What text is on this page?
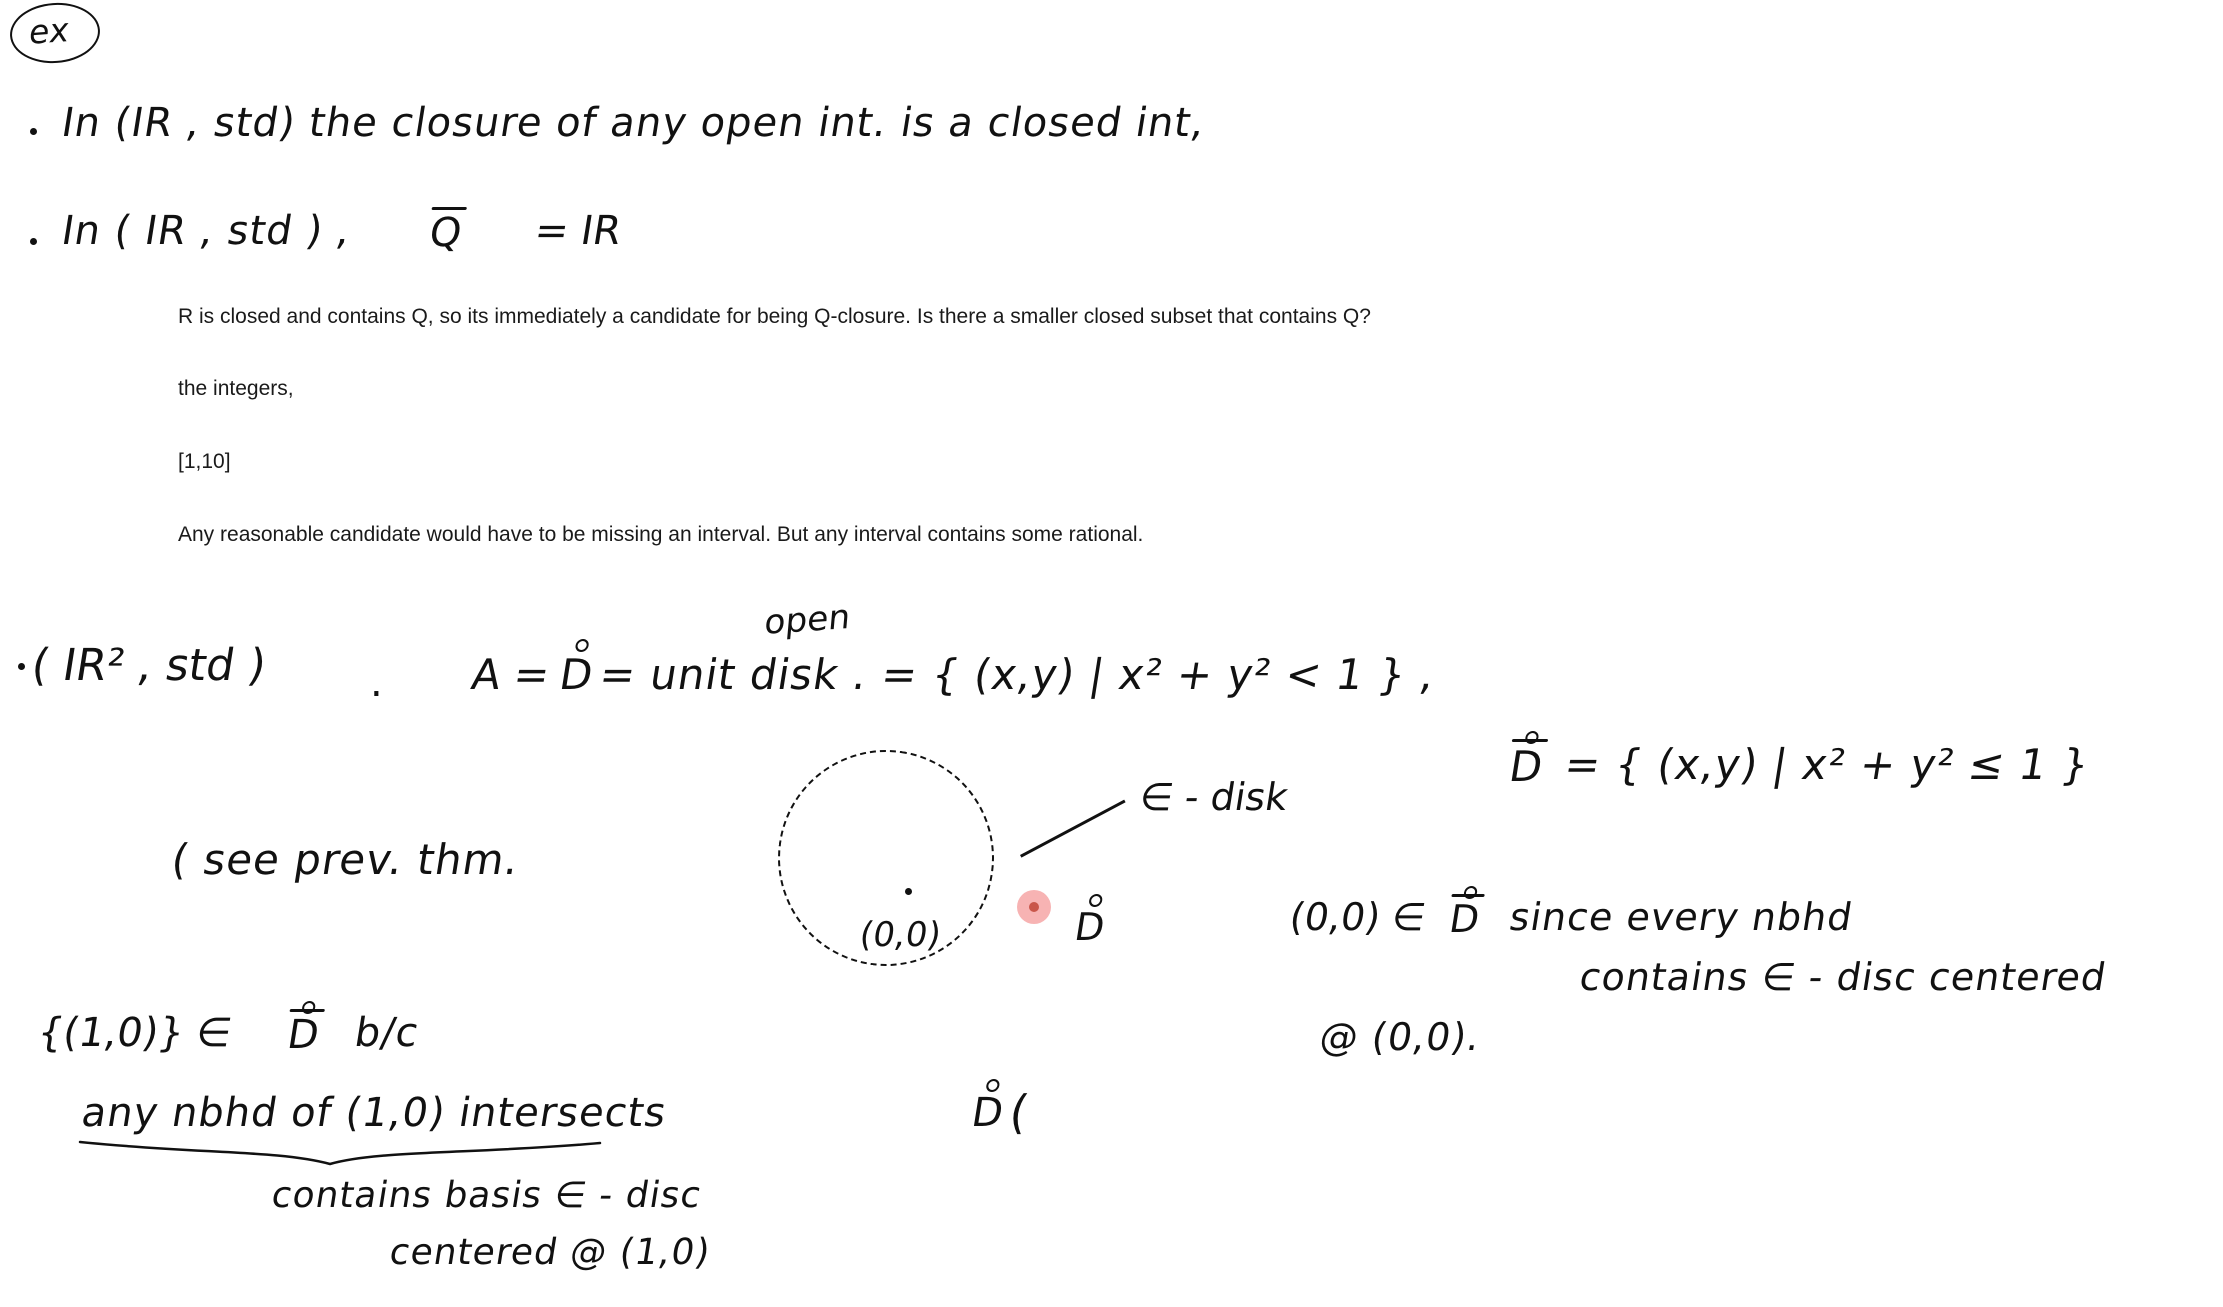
ex
In (IR , std) the closure of any open int. is a closed int,
In ( IR , std ) , Q = IR
R is closed and contains Q, so its immediately a candidate for being Q-closure. Is there a smaller closed subset that contains Q?
the integers,
[1,10]
Any reasonable candidate would have to be missing an interval. But any interval contains some rational.
( IR² , std )	.
open
A = D = unit disk . = { (x,y) | x² + y² < 1 } ,
D = { (x,y) | x² + y² ≤ 1 }
( see prev. thm.
(0,0)
∈ - disk
D	(0,0) ∈ D since every nbhd
contains ∈ - disc centered
@ (0,0).
{(1,0)} ∈ D b/c
any nbhd of (1,0) intersects	D (
contains basis ∈ - disc
centered @ (1,0)
